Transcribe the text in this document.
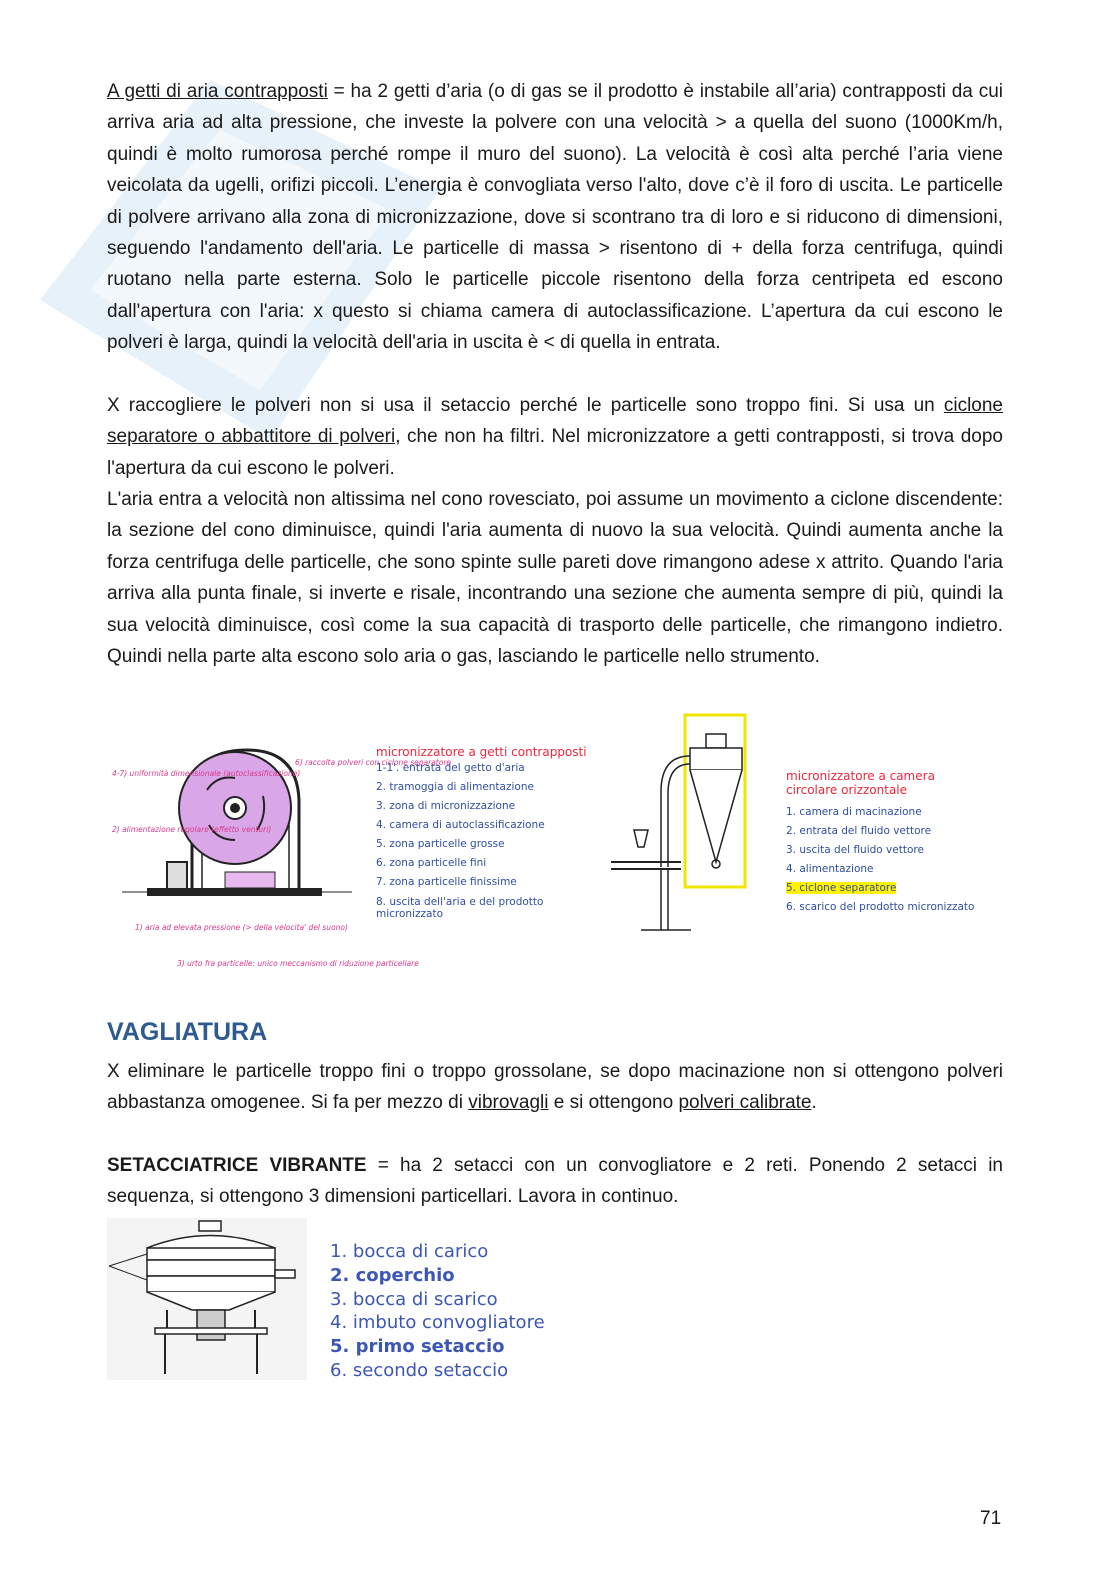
A getti di aria contrapposti = ha 2 getti d’aria (o di gas se il prodotto è instabile all’aria) contrapposti da cui arriva aria ad alta pressione, che investe la polvere con una velocità > a quella del suono (1000Km/h, quindi è molto rumorosa perché rompe il muro del suono). La velocità è così alta perché l’aria viene veicolata da ugelli, orifizi piccoli. L’energia è convogliata verso l'alto, dove c’è il foro di uscita. Le particelle di polvere arrivano alla zona di micronizzazione, dove si scontrano tra di loro e si riducono di dimensioni, seguendo l'andamento dell'aria. Le particelle di massa > risentono di + della forza centrifuga, quindi ruotano nella parte esterna. Solo le particelle piccole risentono della forza centripeta ed escono dall'apertura con l'aria: x questo si chiama camera di autoclassificazione. L’apertura da cui escono le polveri è larga, quindi la velocità dell'aria in uscita è < di quella in entrata.

X raccogliere le polveri non si usa il setaccio perché le particelle sono troppo fini. Si usa un ciclone separatore o abbattitore di polveri, che non ha filtri. Nel micronizzatore a getti contrapposti, si trova dopo l'apertura da cui escono le polveri.

L'aria entra a velocità non altissima nel cono rovesciato, poi assume un movimento a ciclone discendente: la sezione del cono diminuisce, quindi l'aria aumenta di nuovo la sua velocità. Quindi aumenta anche la forza centrifuga delle particelle, che sono spinte sulle pareti dove rimangono adese x attrito. Quando l'aria arriva alla punta finale, si inverte e risale, incontrando una sezione che aumenta sempre di più, quindi la sua velocità diminuisce, così come la sua capacità di trasporto delle particelle, che rimangono indietro. Quindi nella parte alta escono solo aria o gas, lasciando le particelle nello strumento.

4-7) uniformità dimensionale (autoclassificazione)
6) raccolta polveri con ciclone separatore
2) alimentazione regolare (effetto venturi)
1) aria ad elevata pressione (> della velocita' del suono)
3) urto fra particelle: unico meccanismo di riduzione particellare
micronizzatore a getti contrapposti
1-1'. entrata del getto d'aria
2. tramoggia di alimentazione
3. zona di micronizzazione
4. camera di autoclassificazione
5. zona particelle grosse
6. zona particelle fini
7. zona particelle finissime
8. uscita dell'aria e del prodotto micronizzato
micronizzatore a camera circolare orizzontale
1. camera di macinazione
2. entrata del fluido vettore
3. uscita del fluido vettore
4. alimentazione
5. ciclone separatore
6. scarico del prodotto micronizzato
VAGLIATURA

X eliminare le particelle troppo fini o troppo grossolane, se dopo macinazione non si ottengono polveri abbastanza omogenee. Si fa per mezzo di vibrovagli e si ottengono polveri calibrate.

SETACCIATRICE VIBRANTE = ha 2 setacci con un convogliatore e 2 reti. Ponendo 2 setacci in sequenza, si ottengono 3 dimensioni particellari. Lavora in continuo.

1. bocca di carico
2. coperchio
3. bocca di scarico
4. imbuto convogliatore
5. primo setaccio
6. secondo setaccio
71
